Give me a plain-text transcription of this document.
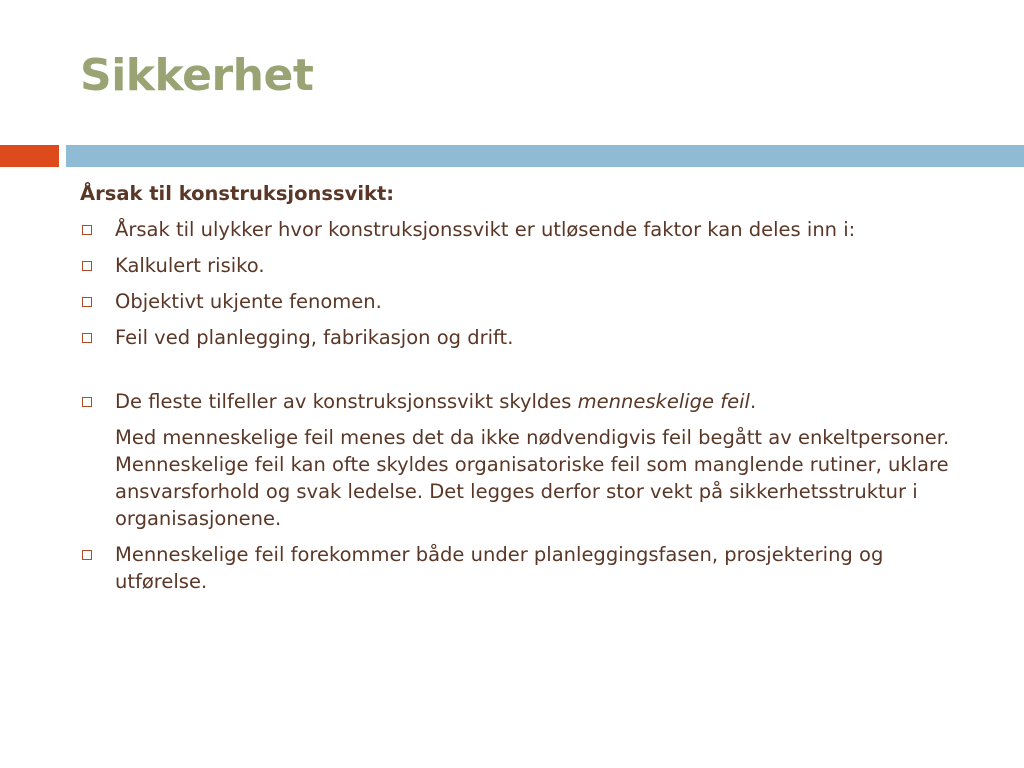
Sikkerhet
Årsak til konstruksjonssvikt:
Årsak til ulykker hvor konstruksjonssvikt er utløsende faktor kan deles inn i:
Kalkulert risiko.
Objektivt ukjente fenomen.
Feil ved planlegging, fabrikasjon og drift.
De fleste tilfeller av konstruksjonssvikt skyldes menneskelige feil.
Med menneskelige feil menes det da ikke nødvendigvis feil begått av enkeltpersoner. Menneskelige feil kan ofte skyldes organisatoriske feil som manglende rutiner, uklare ansvarsforhold og svak ledelse. Det legges derfor stor vekt på sikkerhetsstruktur i organisasjonene.
Menneskelige feil forekommer både under planleggingsfasen, prosjektering og utførelse.
